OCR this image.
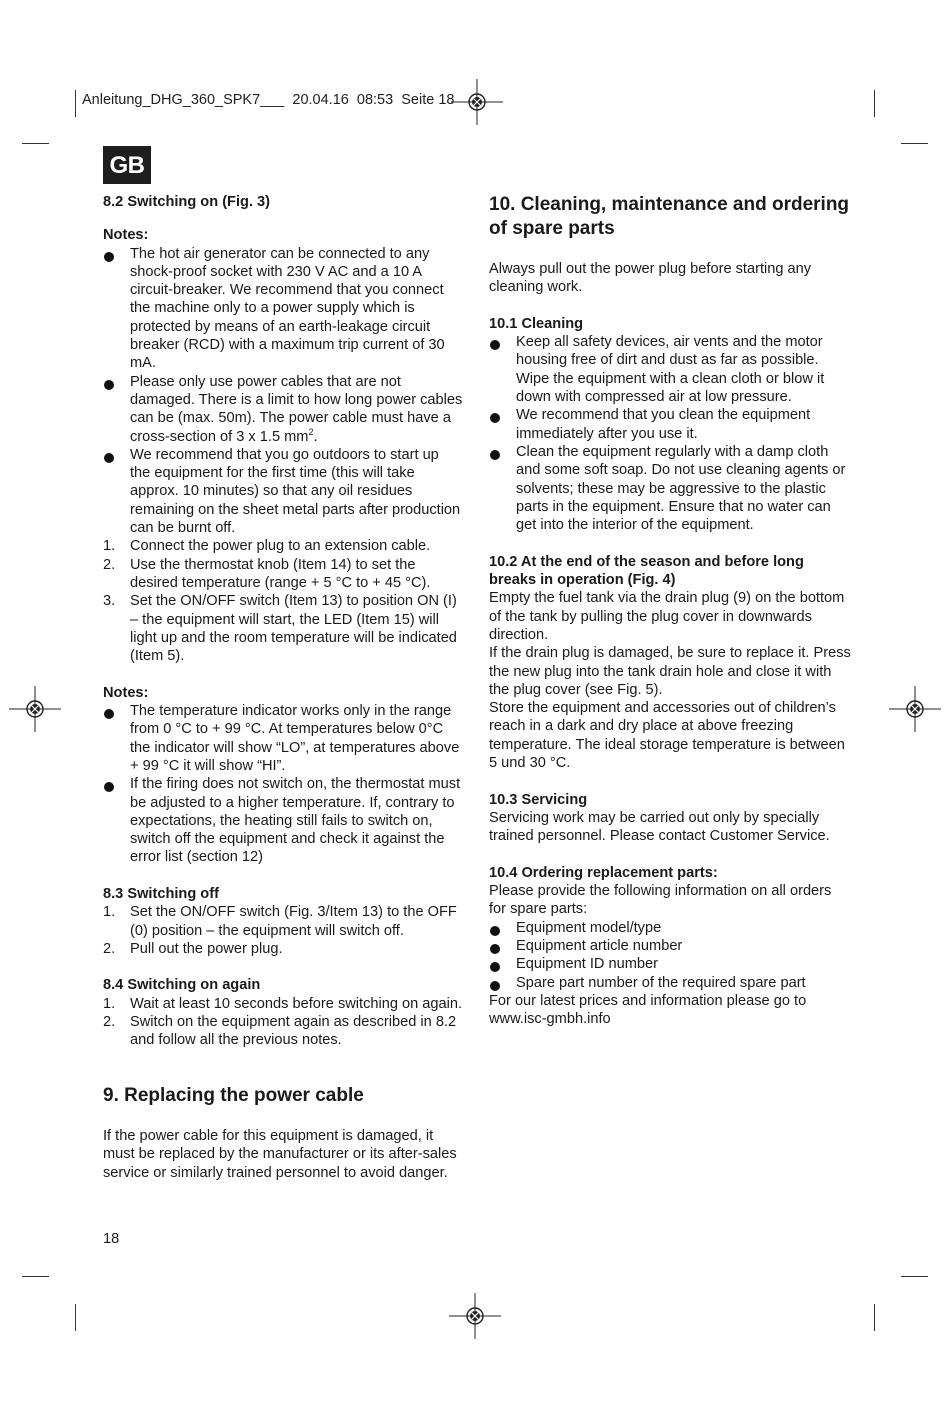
Anleitung_DHG_360_SPK7___  20.04.16  08:53  Seite 18
GB

8.2 Switching on (Fig. 3)

Notes:

The hot air generator can be connected to any shock-proof socket with 230 V AC and a 10 A circuit-breaker. We recommend that you connect the machine only to a power supply which is protected by means of an earth-leakage circuit breaker (RCD) with a maximum trip current of 30 mA.
Please only use power cables that are not damaged. There is a limit to how long power cables can be (max. 50m). The power cable must have a cross-section of 3 x 1.5 $mm^2$.
We recommend that you go outdoors to start up the equipment for the first time (this will take approx. 10 minutes) so that any oil residues remaining on the sheet metal parts after production can be burnt off.
1. Connect the power plug to an extension cable.
2. Use the thermostat knob (Item 14) to set the desired temperature (range + 5 °C to + 45 °C).
3. Set the ON/OFF switch (Item 13) to position ON (I) – the equipment will start, the LED (Item 15) will light up and the room temperature will be indicated (Item 5).

Notes:

The temperature indicator works only in the range from 0 °C to + 99 °C. At temperatures below 0°C the indicator will show “LO”, at temperatures above + 99 °C it will show “HI”.
If the firing does not switch on, the thermostat must be adjusted to a higher temperature. If, contrary to expectations, the heating still fails to switch on, switch off the equipment and check it against the error list (section 12)

8.3 Switching off

1. Set the ON/OFF switch (Fig. 3/Item 13) to the OFF (0) position – the equipment will switch off.
2. Pull out the power plug.

8.4 Switching on again

1. Wait at least 10 seconds before switching on again.
2. Switch on the equipment again as described in 8.2 and follow all the previous notes.

9. Replacing the power cable

If the power cable for this equipment is damaged, it must be replaced by the manufacturer or its after-sales service or similarly trained personnel to avoid danger.

10. Cleaning, maintenance and ordering of spare parts

Always pull out the power plug before starting any cleaning work.

10.1 Cleaning

Keep all safety devices, air vents and the motor housing free of dirt and dust as far as possible. Wipe the equipment with a clean cloth or blow it down with compressed air at low pressure.
We recommend that you clean the equipment immediately after you use it.
Clean the equipment regularly with a damp cloth and some soft soap. Do not use cleaning agents or solvents; these may be aggressive to the plastic parts in the equipment. Ensure that no water can get into the interior of the equipment.

10.2 At the end of the season and before long breaks in operation (Fig. 4)

Empty the fuel tank via the drain plug (9) on the bottom of the tank by pulling the plug cover in downwards direction.

If the drain plug is damaged, be sure to replace it. Press the new plug into the tank drain hole and close it with the plug cover (see Fig. 5).

Store the equipment and accessories out of children’s reach in a dark and dry place at above freezing temperature. The ideal storage temperature is between 5 und 30 °C.

10.3 Servicing

Servicing work may be carried out only by specially trained personnel. Please contact Customer Service.

10.4 Ordering replacement parts:

Please provide the following information on all orders for spare parts:

Equipment model/type
Equipment article number
Equipment ID number
Spare part number of the required spare part

For our latest prices and information please go to www.isc-gmbh.info

18
